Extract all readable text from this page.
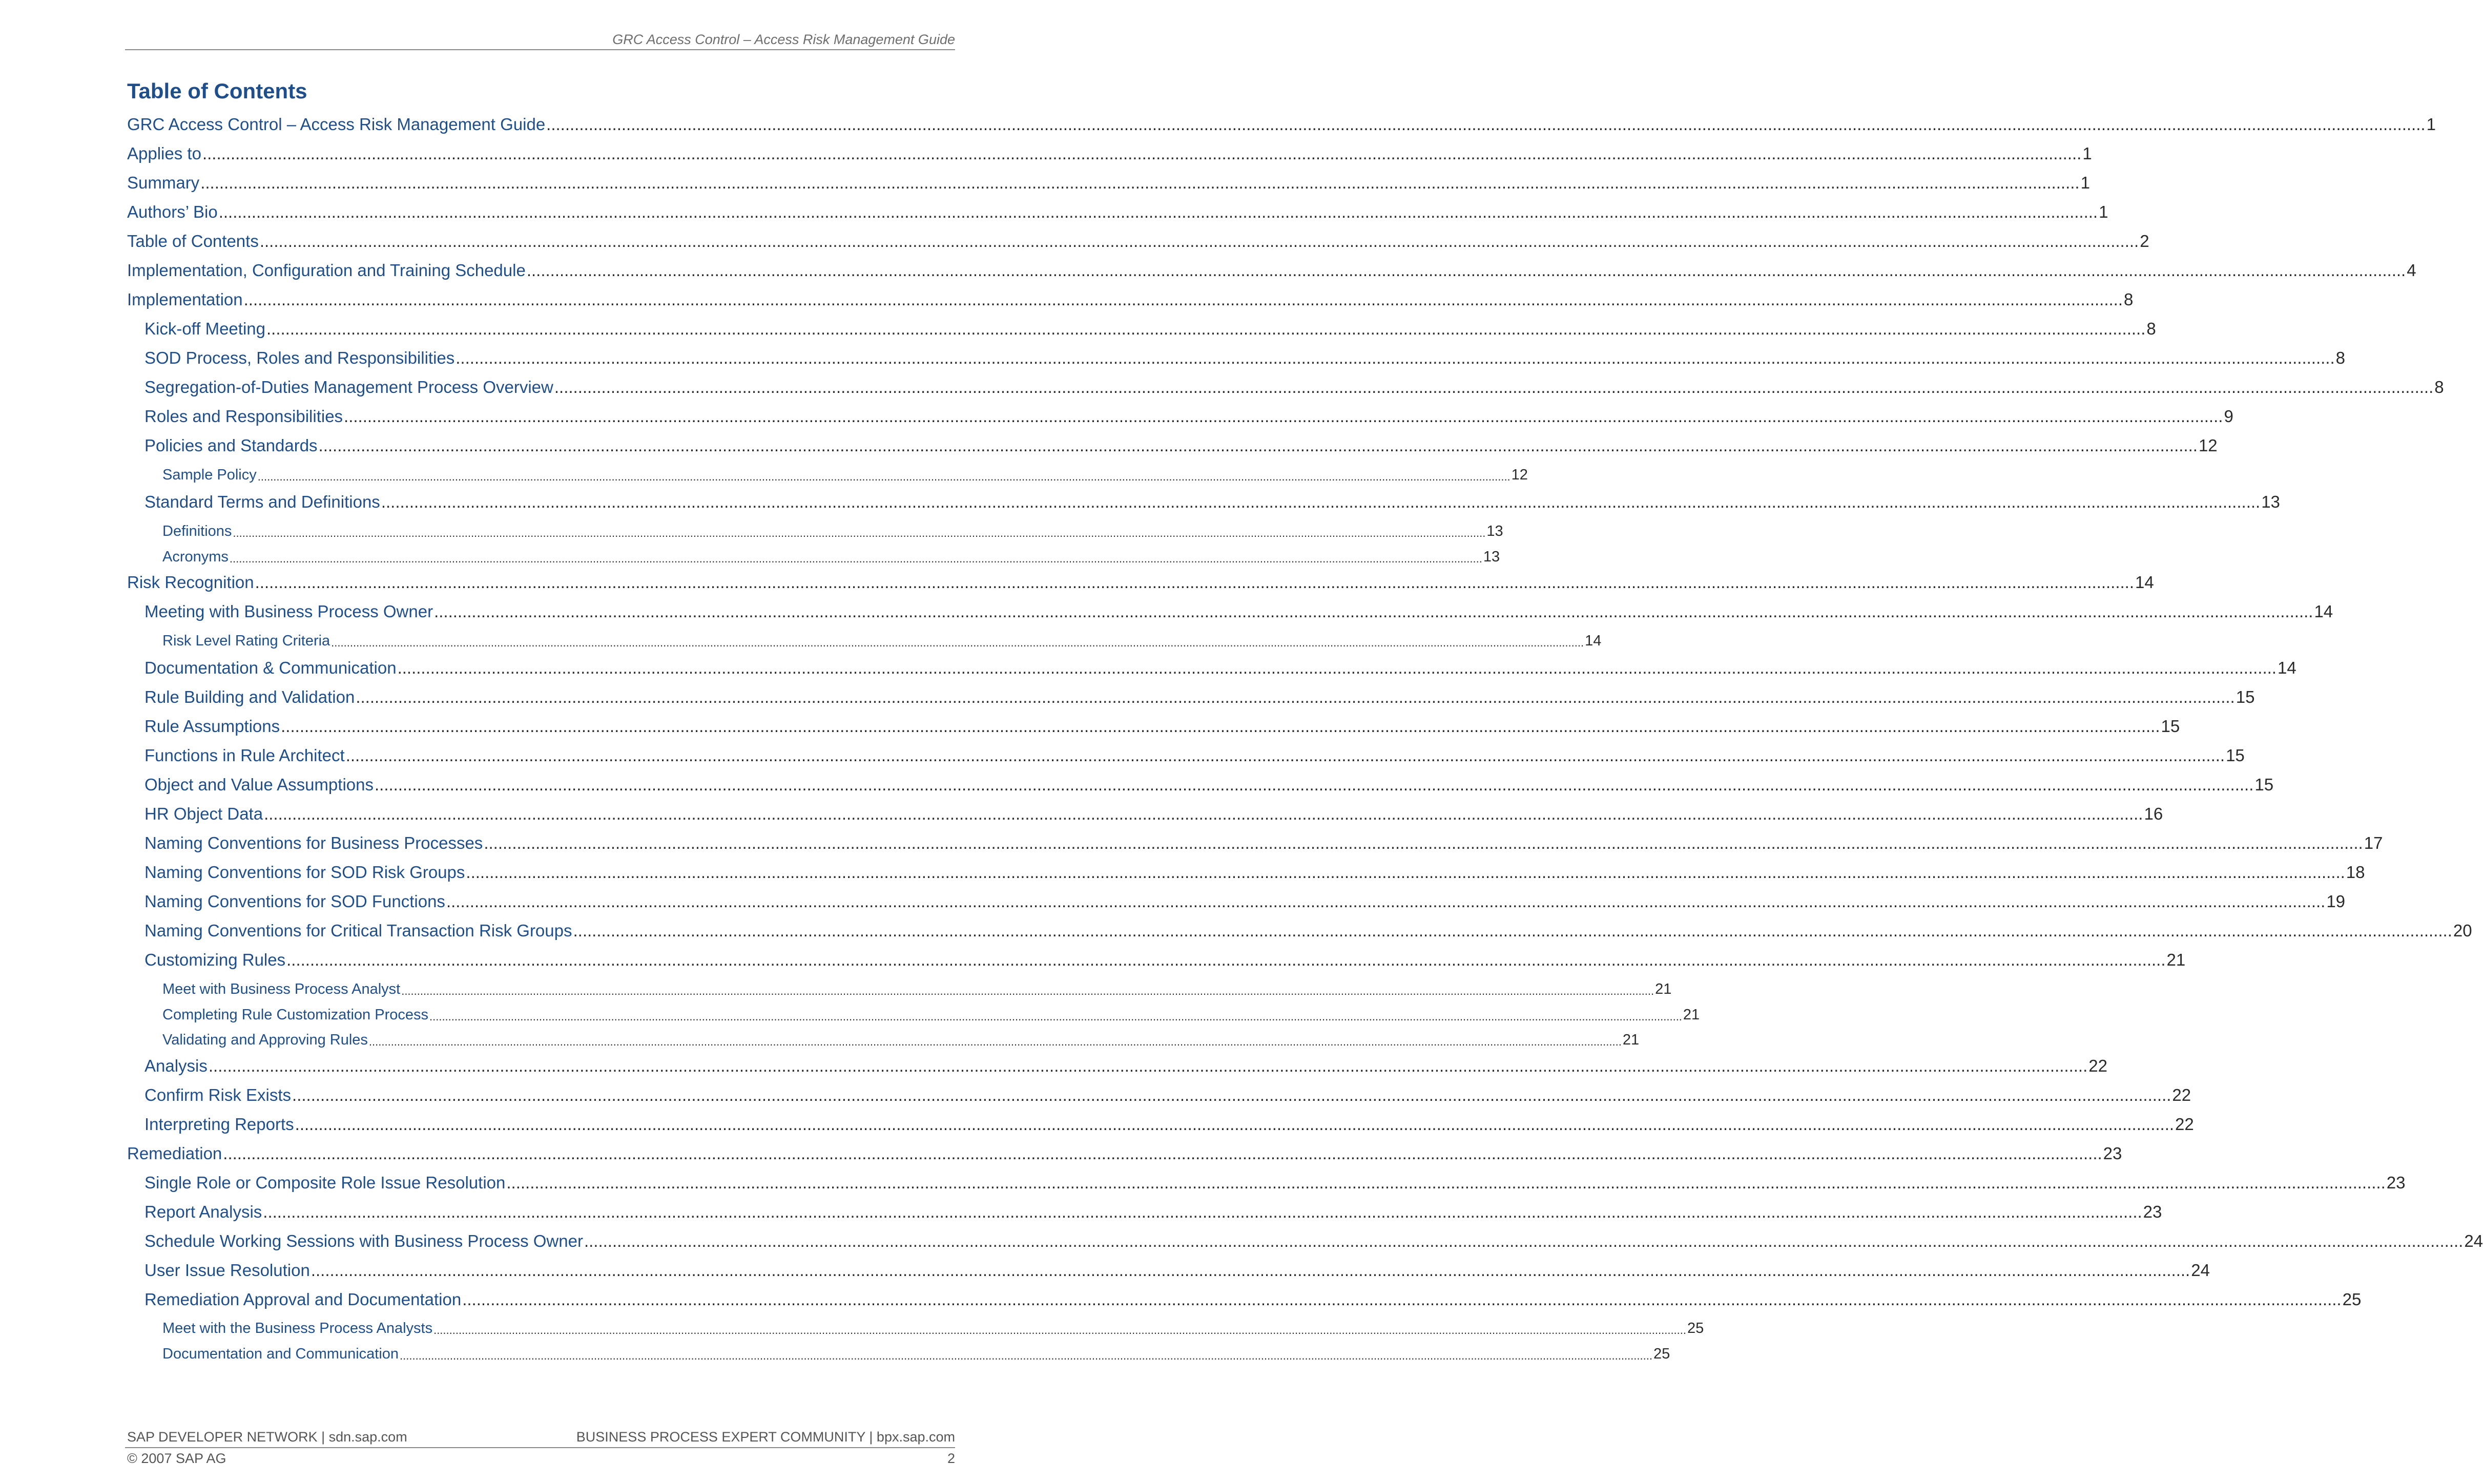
GRC Access Control – Access Risk Management Guide
Table of Contents
GRC Access Control – Access Risk Management Guide ................................................................................................................................................................................................................................................................................................................................................................................................................ 1
Applies to ................................................................................................................................................................................................................................................................................................................................................................................................................ 1
Summary ................................................................................................................................................................................................................................................................................................................................................................................................................ 1
Authors’ Bio ................................................................................................................................................................................................................................................................................................................................................................................................................ 1
Table of Contents ................................................................................................................................................................................................................................................................................................................................................................................................................ 2
Implementation, Configuration and Training Schedule ................................................................................................................................................................................................................................................................................................................................................................................................................ 4
Implementation ................................................................................................................................................................................................................................................................................................................................................................................................................ 8
Kick-off Meeting ................................................................................................................................................................................................................................................................................................................................................................................................................ 8
SOD Process, Roles and Responsibilities ................................................................................................................................................................................................................................................................................................................................................................................................................ 8
Segregation-of-Duties Management Process Overview ................................................................................................................................................................................................................................................................................................................................................................................................................ 8
Roles and Responsibilities ................................................................................................................................................................................................................................................................................................................................................................................................................ 9
Policies and Standards ................................................................................................................................................................................................................................................................................................................................................................................................................ 12
Sample Policy ................................................................................................................................................................................................................................................................................................................................................................................................................ 12
Standard Terms and Definitions ................................................................................................................................................................................................................................................................................................................................................................................................................ 13
Definitions ................................................................................................................................................................................................................................................................................................................................................................................................................ 13
Acronyms ................................................................................................................................................................................................................................................................................................................................................................................................................ 13
Risk Recognition ................................................................................................................................................................................................................................................................................................................................................................................................................ 14
Meeting with Business Process Owner ................................................................................................................................................................................................................................................................................................................................................................................................................ 14
Risk Level Rating Criteria ................................................................................................................................................................................................................................................................................................................................................................................................................ 14
Documentation & Communication ................................................................................................................................................................................................................................................................................................................................................................................................................ 14
Rule Building and Validation ................................................................................................................................................................................................................................................................................................................................................................................................................ 15
Rule Assumptions ................................................................................................................................................................................................................................................................................................................................................................................................................ 15
Functions in Rule Architect ................................................................................................................................................................................................................................................................................................................................................................................................................ 15
Object and Value Assumptions ................................................................................................................................................................................................................................................................................................................................................................................................................ 15
HR Object Data ................................................................................................................................................................................................................................................................................................................................................................................................................ 16
Naming Conventions for Business Processes ................................................................................................................................................................................................................................................................................................................................................................................................................ 17
Naming Conventions for SOD Risk Groups ................................................................................................................................................................................................................................................................................................................................................................................................................ 18
Naming Conventions for SOD Functions ................................................................................................................................................................................................................................................................................................................................................................................................................ 19
Naming Conventions for Critical Transaction Risk Groups ................................................................................................................................................................................................................................................................................................................................................................................................................ 20
Customizing Rules ................................................................................................................................................................................................................................................................................................................................................................................................................ 21
Meet with Business Process Analyst ................................................................................................................................................................................................................................................................................................................................................................................................................ 21
Completing Rule Customization Process ................................................................................................................................................................................................................................................................................................................................................................................................................ 21
Validating and Approving Rules ................................................................................................................................................................................................................................................................................................................................................................................................................ 21
Analysis ................................................................................................................................................................................................................................................................................................................................................................................................................ 22
Confirm Risk Exists ................................................................................................................................................................................................................................................................................................................................................................................................................ 22
Interpreting Reports ................................................................................................................................................................................................................................................................................................................................................................................................................ 22
Remediation ................................................................................................................................................................................................................................................................................................................................................................................................................ 23
Single Role or Composite Role Issue Resolution ................................................................................................................................................................................................................................................................................................................................................................................................................ 23
Report Analysis ................................................................................................................................................................................................................................................................................................................................................................................................................ 23
Schedule Working Sessions with Business Process Owner ................................................................................................................................................................................................................................................................................................................................................................................................................ 24
User Issue Resolution ................................................................................................................................................................................................................................................................................................................................................................................................................ 24
Remediation Approval and Documentation ................................................................................................................................................................................................................................................................................................................................................................................................................ 25
Meet with the Business Process Analysts ................................................................................................................................................................................................................................................................................................................................................................................................................ 25
Documentation and Communication ................................................................................................................................................................................................................................................................................................................................................................................................................ 25
SAP DEVELOPER NETWORK | sdn.sap.com	BUSINESS PROCESS EXPERT COMMUNITY | bpx.sap.com
© 2007 SAP AG	2
